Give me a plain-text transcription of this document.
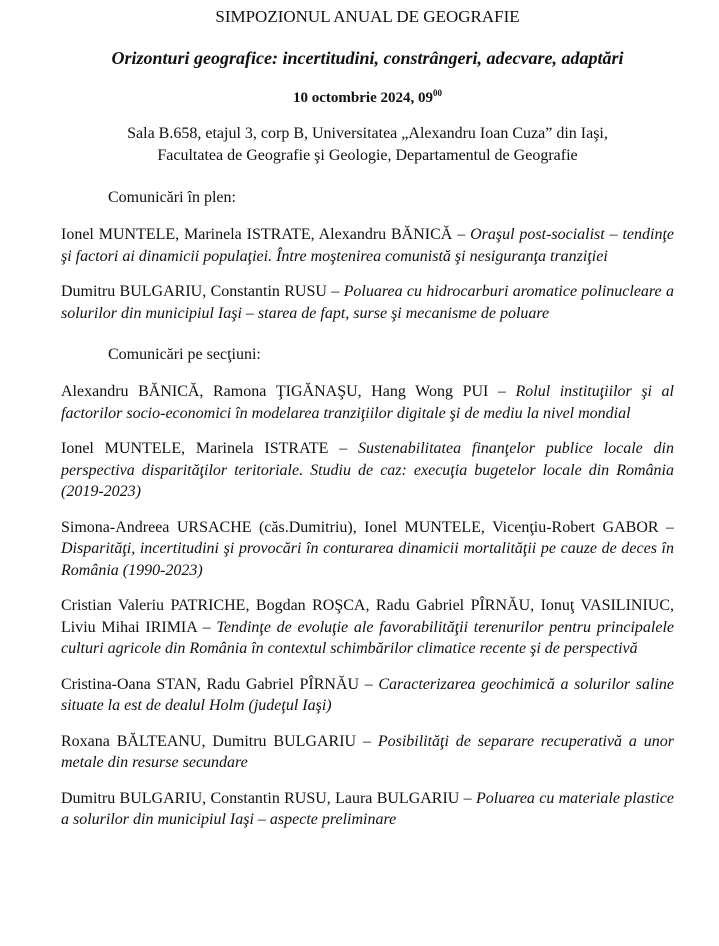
SIMPOZIONUL ANUAL DE GEOGRAFIE
Orizonturi geografice: incertitudini, constrângeri, adecvare, adaptări
10 octombrie 2024, $09^{00}$
Sala B.658, etajul 3, corp B, Universitatea „Alexandru Ioan Cuza” din Iaşi,
Facultatea de Geografie şi Geologie, Departamentul de Geografie
Comunicări în plen:

Ionel MUNTELE, Marinela ISTRATE, Alexandru BĂNICĂ – Oraşul post-socialist – tendinţe şi factori ai dinamicii populaţiei. Între moştenirea comunistă şi nesiguranţa tranziţiei

Dumitru BULGARIU, Constantin RUSU – Poluarea cu hidrocarburi aromatice polinucleare a solurilor din municipiul Iaşi – starea de fapt, surse şi mecanisme de poluare

Comunicări pe secţiuni:

Alexandru BĂNICĂ, Ramona ŢIGĂNAŞU, Hang Wong PUI – Rolul instituţiilor şi al factorilor socio-economici în modelarea tranziţiilor digitale şi de mediu la nivel mondial

Ionel MUNTELE, Marinela ISTRATE – Sustenabilitatea finanţelor publice locale din perspectiva disparităţilor teritoriale. Studiu de caz: execuţia bugetelor locale din România (2019-2023)

Simona-Andreea URSACHE (căs.Dumitriu), Ionel MUNTELE, Vicenţiu-Robert GABOR – Disparităţi, incertitudini şi provocări în conturarea dinamicii mortalităţii pe cauze de deces în România (1990-2023)

Cristian Valeriu PATRICHE, Bogdan ROŞCA, Radu Gabriel PÎRNĂU, Ionuţ VASILINIUC, Liviu Mihai IRIMIA – Tendinţe de evoluţie ale favorabilităţii terenurilor pentru principalele culturi agricole din România în contextul schimbărilor climatice recente şi de perspectivă

Cristina-Oana STAN, Radu Gabriel PÎRNĂU – Caracterizarea geochimică a solurilor saline situate la est de dealul Holm (judeţul Iaşi)

Roxana BĂLTEANU, Dumitru BULGARIU – Posibilităţi de separare recuperativă a unor metale din resurse secundare

Dumitru BULGARIU, Constantin RUSU, Laura BULGARIU – Poluarea cu materiale plastice a solurilor din municipiul Iaşi – aspecte preliminare
